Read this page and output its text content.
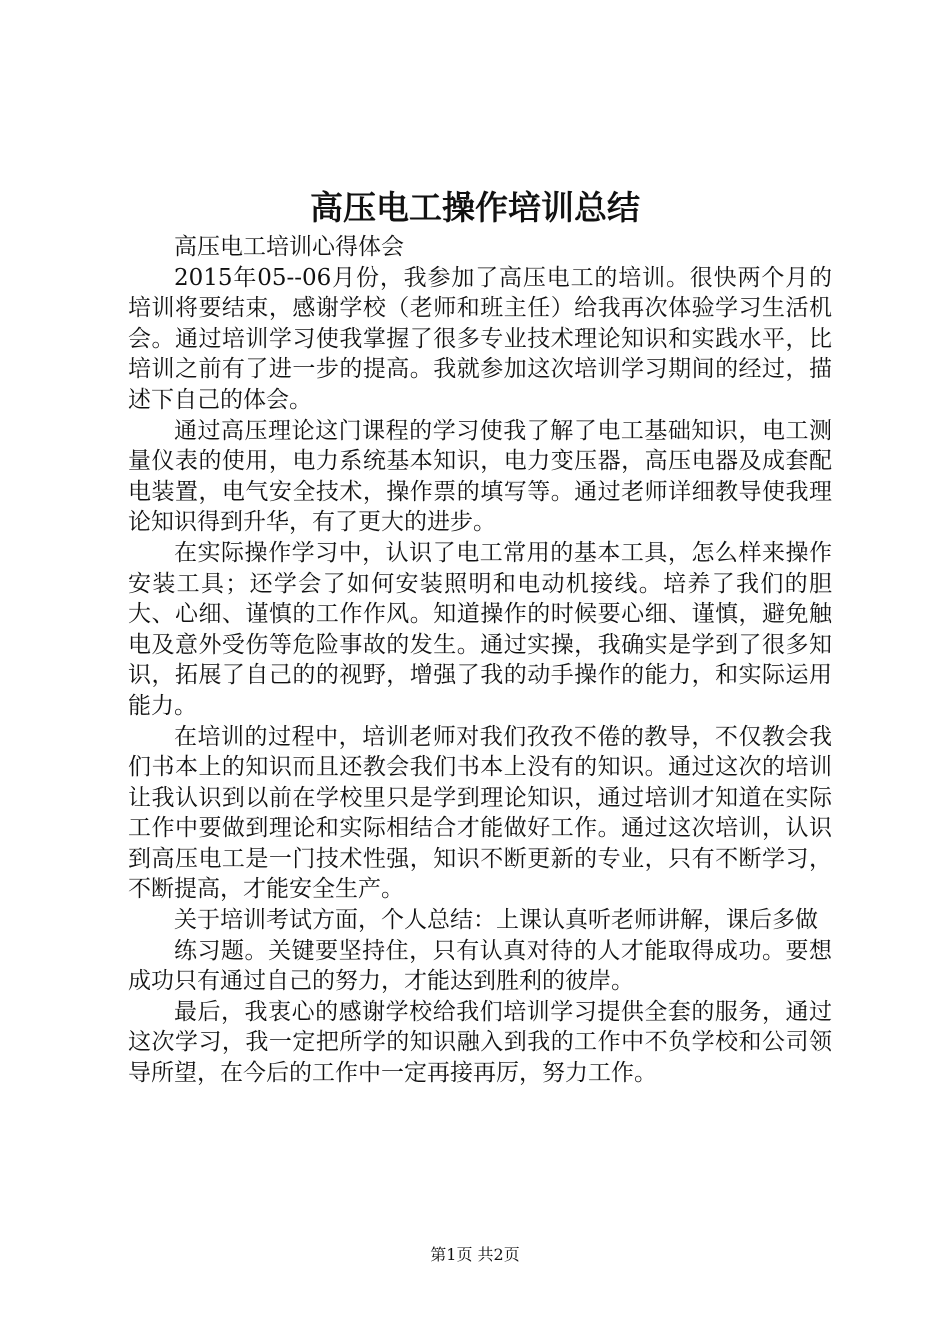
高压电工操作培训总结

高压电工培训心得体会

2015年05--06月份，我参加了高压电工的培训。很快两个月的培训将要结束，感谢学校（老师和班主任）给我再次体验学习生活机会。通过培训学习使我掌握了很多专业技术理论知识和实践水平，比培训之前有了进一步的提高。我就参加这次培训学习期间的经过，描述下自己的体会。

通过高压理论这门课程的学习使我了解了电工基础知识，电工测量仪表的使用，电力系统基本知识，电力变压器，高压电器及成套配电装置，电气安全技术，操作票的填写等。通过老师详细教导使我理论知识得到升华，有了更大的进步。

在实际操作学习中，认识了电工常用的基本工具，怎么样来操作安装工具；还学会了如何安装照明和电动机接线。培养了我们的胆大、心细、谨慎的工作作风。知道操作的时候要心细、谨慎，避免触电及意外受伤等危险事故的发生。通过实操，我确实是学到了很多知识，拓展了自己的的视野，增强了我的动手操作的能力，和实际运用能力。

在培训的过程中，培训老师对我们孜孜不倦的教导，不仅教会我们书本上的知识而且还教会我们书本上没有的知识。通过这次的培训让我认识到以前在学校里只是学到理论知识，通过培训才知道在实际工作中要做到理论和实际相结合才能做好工作。通过这次培训，认识到高压电工是一门技术性强，知识不断更新的专业，只有不断学习，不断提高，才能安全生产。

关于培训考试方面，个人总结：上课认真听老师讲解，课后多做

练习题。关键要坚持住，只有认真对待的人才能取得成功。要想成功只有通过自己的努力，才能达到胜利的彼岸。

最后，我衷心的感谢学校给我们培训学习提供全套的服务，通过这次学习，我一定把所学的知识融入到我的工作中不负学校和公司领导所望，在今后的工作中一定再接再厉，努力工作。

第1页 共2页
